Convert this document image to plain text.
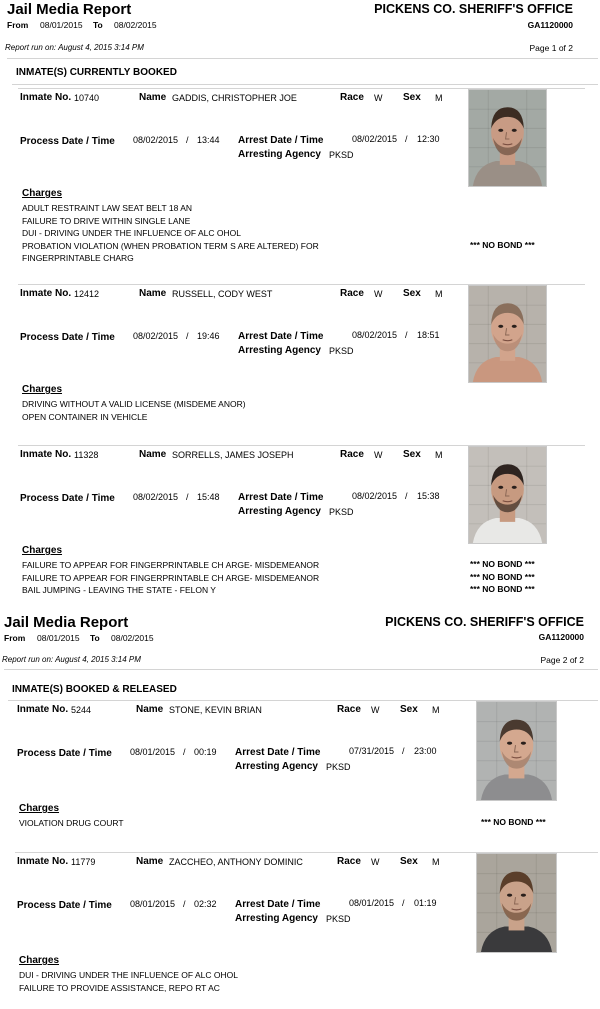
Jail Media Report	PICKENS CO. SHERIFF'S OFFICE
From 08/01/2015 To 08/02/2015	GA1120000
Report run on: August 4, 2015 3:14 PM	Page 1 of 2
INMATE(S) CURRENTLY BOOKED
Jail Media Report	PICKENS CO. SHERIFF'S OFFICE
From 08/01/2015 To 08/02/2015	GA1120000
Report run on: August 4, 2015 3:14 PM	Page 2 of 2
INMATE(S) BOOKED & RELEASED
Inmate No. 10740	Name GADDIS, CHRISTOPHER JOE	Race W Sex M
Process Date / Time 08/02/2015 / 13:44 Arrest Date / Time	08/02/2015 / 12:30
Arresting Agency PKSD
Charges
ADULT RESTRAINT LAW SEAT BELT 18 AN
FAILURE TO DRIVE WITHIN SINGLE LANE
DUI - DRIVING UNDER THE INFLUENCE OF ALC OHOL
PROBATION VIOLATION (WHEN PROBATION TERM S ARE ALTERED) FOR	*** NO BOND ***
FINGERPRINTABLE CHARG
Inmate No. 12412	Name RUSSELL, CODY WEST	Race W Sex M
Process Date / Time 08/02/2015 / 19:46 Arrest Date / Time	08/02/2015 / 18:51
Arresting Agency PKSD
Charges
DRIVING WITHOUT A VALID LICENSE (MISDEME ANOR)
OPEN CONTAINER IN VEHICLE
Inmate No. 11328	Name SORRELLS, JAMES JOSEPH	Race W Sex M
Process Date / Time 08/02/2015 / 15:48 Arrest Date / Time	08/02/2015 / 15:38
Arresting Agency PKSD
Charges
FAILURE TO APPEAR FOR FINGERPRINTABLE CH ARGE- MISDEMEANOR	*** NO BOND ***
FAILURE TO APPEAR FOR FINGERPRINTABLE CH ARGE- MISDEMEANOR	*** NO BOND ***
BAIL JUMPING - LEAVING THE STATE - FELON Y	*** NO BOND ***
Inmate No. 5244	Name STONE, KEVIN BRIAN	Race W Sex M
Process Date / Time 08/01/2015 / 00:19 Arrest Date / Time	07/31/2015 / 23:00
Arresting Agency PKSD
Charges
VIOLATION DRUG COURT	*** NO BOND ***
Inmate No. 11779	Name ZACCHEO, ANTHONY DOMINIC	Race W Sex M
Process Date / Time 08/01/2015 / 02:32 Arrest Date / Time	08/01/2015 / 01:19
Arresting Agency PKSD
Charges
DUI - DRIVING UNDER THE INFLUENCE OF ALC OHOL
FAILURE TO PROVIDE ASSISTANCE, REPO RT AC
